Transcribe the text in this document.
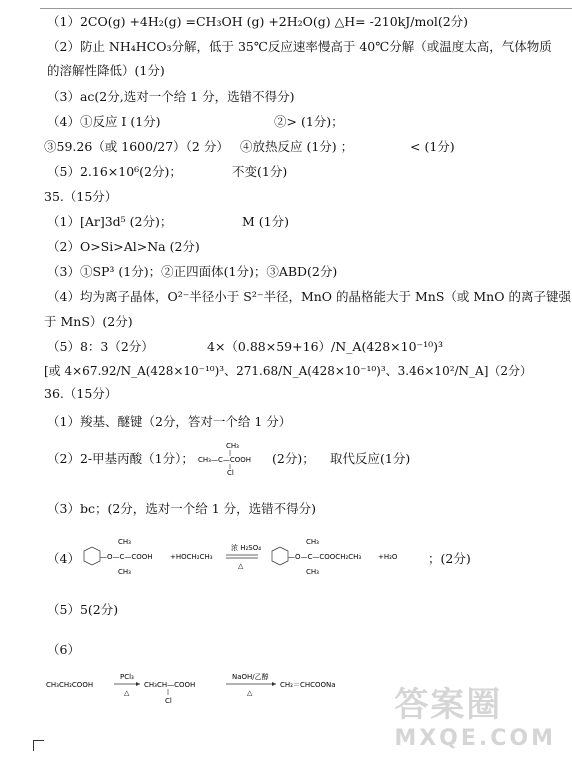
（1）2CO(g) +4H₂(g) =CH₃OH (g) +2H₂O(g) △H= -210kJ/mol(2分)
（2）防止 NH₄HCO₃分解，低于 35℃反应速率慢高于 40℃分解（或温度太高，气体物质
的溶解性降低）(1分)
（3）ac(2分,选对一个给 1 分，选错不得分)
（4）①反应 I (1分)	②> (1分)；
③59.26（或 1600/27）（2 分） ④放热反应 (1分) ；	< (1分)
（5）2.16×10⁶(2分)；	不变(1分)
35.（15分）
（1）[Ar]3d⁵ (2分)；	M (1分)
（2）O>Si>Al>Na (2分)
（3）①SP³ (1分)；②正四面体(1分)；③ABD(2分)
（4）均为离子晶体，O²⁻半径小于 S²⁻半径，MnO 的晶格能大于 MnS（或 MnO 的离子键强
于 MnS）(2分)
（5）8：3（2分）	4×（0.88×59+16）/N_A(428×10⁻¹⁰)³
[或 4×67.92/N_A(428×10⁻¹⁰)³、271.68/N_A(428×10⁻¹⁰)³、3.46×10²/N_A]（2分）
36.（15分）
（1）羧基、醚键（2分，答对一个给 1 分）
（2）2-甲基丙酸（1分）；
CH₃
CH₃—C—COOH
Cl
(2分)； 取代反应(1分)
（3）bc；(2分，选对一个给 1 分，选错不得分)
（4）
CH₃
—O—C—COOH
CH₃
+HOCH₂CH₃
浓 H₂SO₄
△
CH₃
—O—C—COOCH₂CH₃
CH₃
+H₂O ；(2分)
（5）5(2分)
（6）
CH₃CH₂COOH
PCl₃
△
CH₃CH—COOH
Cl
NaOH/乙醇
△
CH₂＝CHCOONa 答案圈
MXQE.COM
